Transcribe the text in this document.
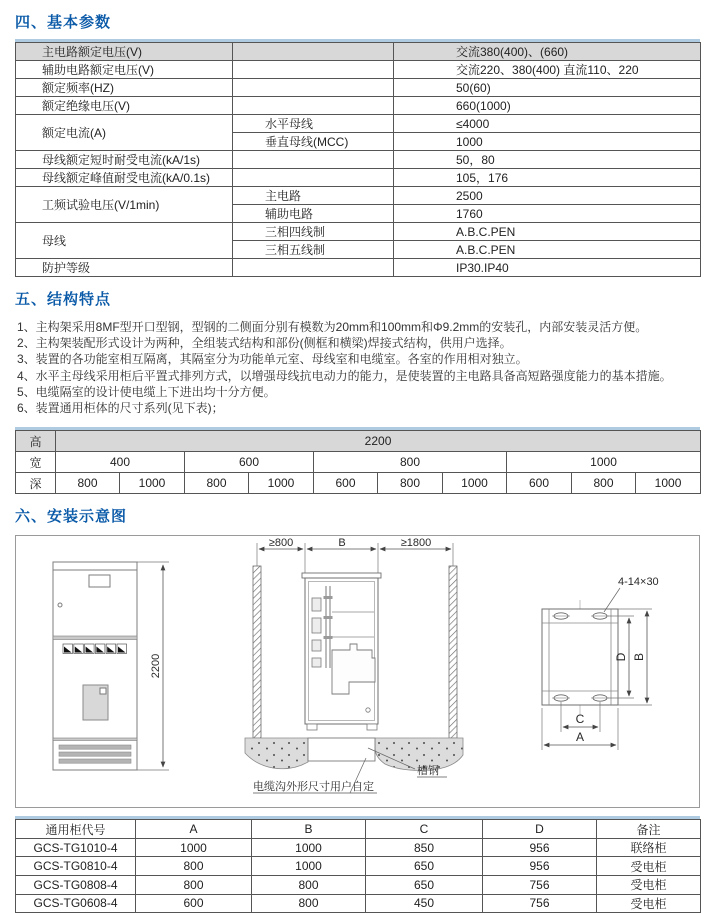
四、基本参数
主电路额定电压(V)		交流380(400)、(660)
辅助电路额定电压(V)		交流220、380(400) 直流110、220
额定频率(HZ)		50(60)
额定绝缘电压(V)		660(1000)
额定电流(A)	水平母线	≤4000
	垂直母线(MCC)	1000
母线额定短时耐受电流(kA/1s)		50，80
母线额定峰值耐受电流(kA/0.1s)		105，176
工频试验电压(V/1min)	主电路	2500
	辅助电路	1760
母线	三相四线制	A.B.C.PEN
	三相五线制	A.B.C.PEN
防护等级		IP30.IP40
五、结构特点
1、主构架采用8MF型开口型钢，型钢的二侧面分别有模数为20mm和100mm和Φ9.2mm的安装孔，内部安装灵活方便。
2、主构架装配形式设计为两种，全组装式结构和部份(侧框和横梁)焊接式结构，供用户选择。
3、装置的各功能室相互隔离，其隔室分为功能单元室、母线室和电缆室。各室的作用相对独立。
4、水平主母线采用柜后平置式排列方式，以增强母线抗电动力的能力，是使装置的主电路具备高短路强度能力的基本措施。
5、电缆隔室的设计使电缆上下进出均十分方便。
6、装置通用柜体的尺寸系列(见下表)；
高	2200									
宽	400		600		800			1000		
深	800	1000	800	1000	600	800	1000	600	800	1000
六、安装示意图
2200
≥800	B	≥1800
槽钢
电缆沟外形尺寸用户自定
4-14×30
D B
C
A
通用柜代号	A	B	C	D	备注
GCS-TG1010-4	1000	1000	850	956	联络柜
GCS-TG0810-4	800	1000	650	956	受电柜
GCS-TG0808-4	800	800	650	756	受电柜
GCS-TG0608-4	600	800	450	756	受电柜
